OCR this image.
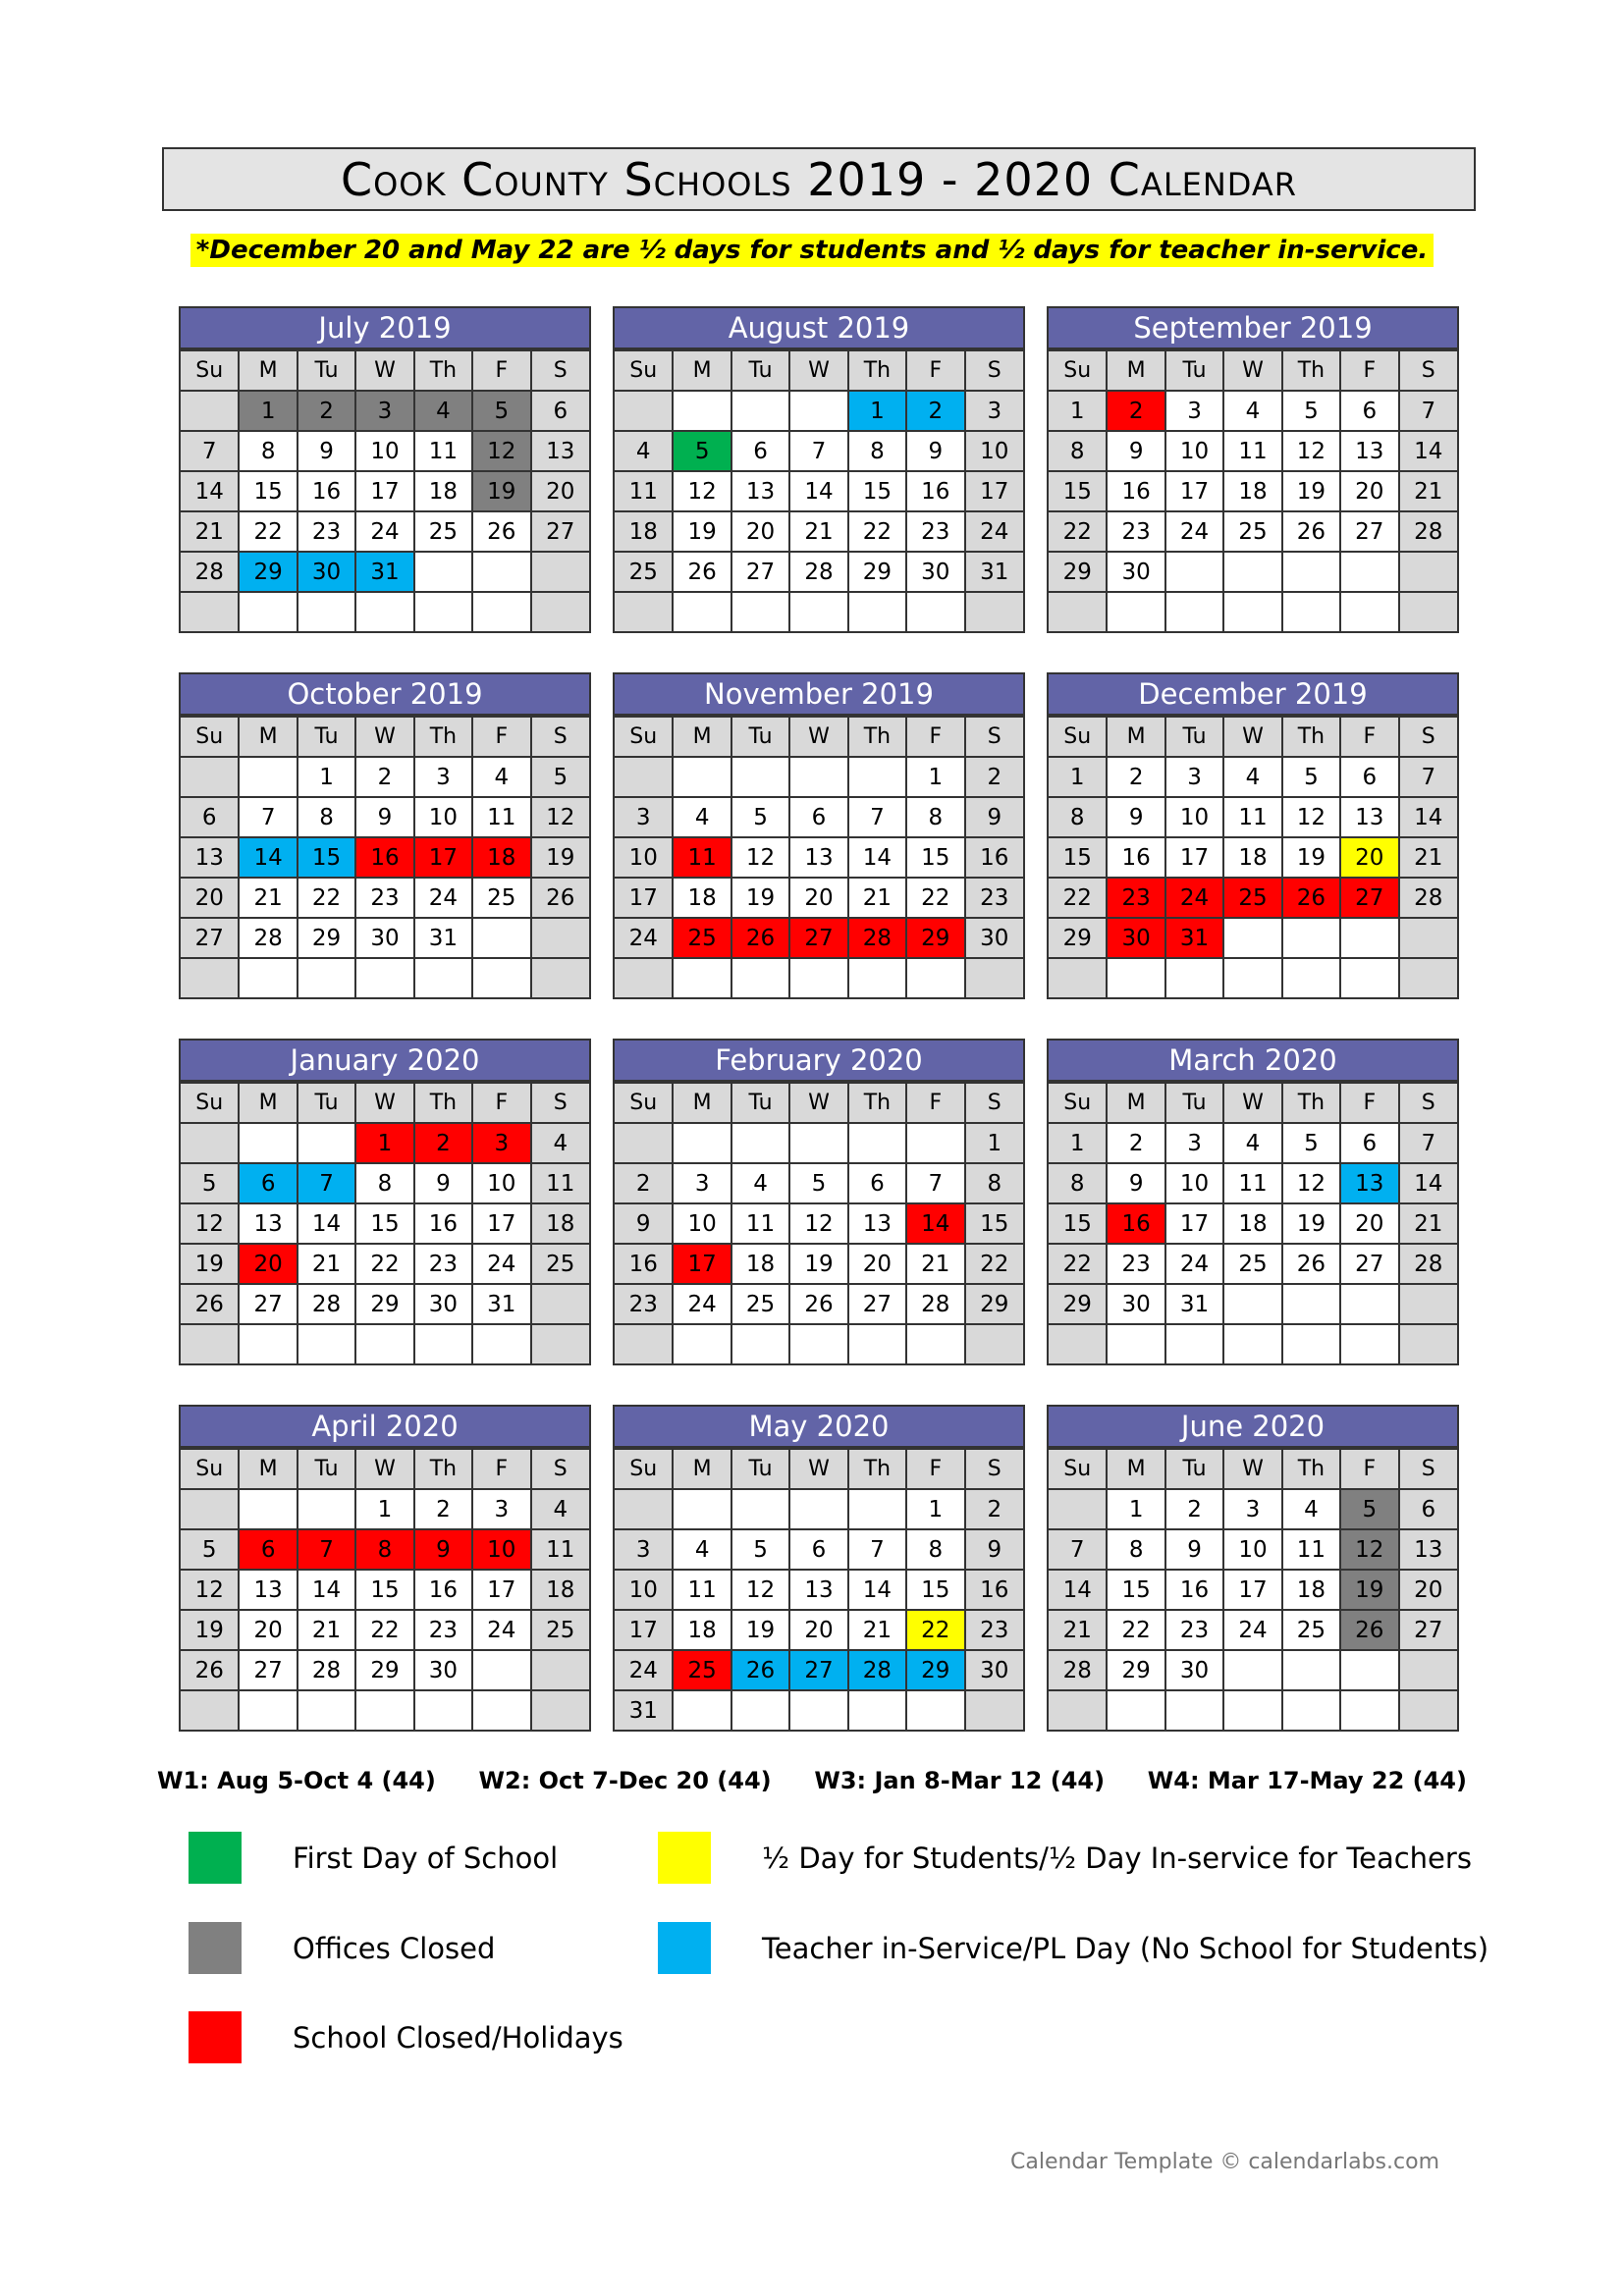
Cook County Schools 2019 - 2020 Calendar
*December 20 and May 22 are ½ days for students and ½ days for teacher in-service.
July 2019
Su	M	Tu	W	Th	F	S
	1	2	3	4	5	6
7	8	9	10	11	12	13
14	15	16	17	18	19	20
21	22	23	24	25	26	27
28	29	30	31			

August 2019
Su	M	Tu	W	Th	F	S
				1	2	3
4	5	6	7	8	9	10
11	12	13	14	15	16	17
18	19	20	21	22	23	24
25	26	27	28	29	30	31

September 2019
Su	M	Tu	W	Th	F	S
1	2	3	4	5	6	7
8	9	10	11	12	13	14
15	16	17	18	19	20	21
22	23	24	25	26	27	28
29	30					

October 2019
Su	M	Tu	W	Th	F	S
		1	2	3	4	5
6	7	8	9	10	11	12
13	14	15	16	17	18	19
20	21	22	23	24	25	26
27	28	29	30	31		

November 2019
Su	M	Tu	W	Th	F	S
					1	2
3	4	5	6	7	8	9
10	11	12	13	14	15	16
17	18	19	20	21	22	23
24	25	26	27	28	29	30

December 2019
Su	M	Tu	W	Th	F	S
1	2	3	4	5	6	7
8	9	10	11	12	13	14
15	16	17	18	19	20	21
22	23	24	25	26	27	28
29	30	31				

January 2020
Su	M	Tu	W	Th	F	S
			1	2	3	4
5	6	7	8	9	10	11
12	13	14	15	16	17	18
19	20	21	22	23	24	25
26	27	28	29	30	31	

February 2020
Su	M	Tu	W	Th	F	S
						1
2	3	4	5	6	7	8
9	10	11	12	13	14	15
16	17	18	19	20	21	22
23	24	25	26	27	28	29

March 2020
Su	M	Tu	W	Th	F	S
1	2	3	4	5	6	7
8	9	10	11	12	13	14
15	16	17	18	19	20	21
22	23	24	25	26	27	28
29	30	31				

April 2020
Su	M	Tu	W	Th	F	S
			1	2	3	4
5	6	7	8	9	10	11
12	13	14	15	16	17	18
19	20	21	22	23	24	25
26	27	28	29	30		

May 2020
Su	M	Tu	W	Th	F	S
					1	2
3	4	5	6	7	8	9
10	11	12	13	14	15	16
17	18	19	20	21	22	23
24	25	26	27	28	29	30
31						
June 2020
Su	M	Tu	W	Th	F	S
	1	2	3	4	5	6
7	8	9	10	11	12	13
14	15	16	17	18	19	20
21	22	23	24	25	26	27
28	29	30				

W1: Aug 5-Oct 4 (44) W2: Oct 7-Dec 20 (44) W3: Jan 8-Mar 12 (44) W4: Mar 17-May 22 (44)
First Day of School
Offices Closed
School Closed/Holidays
½ Day for Students/½ Day In-service for Teachers
Teacher in-Service/PL Day (No School for Students)
Calendar Template © calendarlabs.com
